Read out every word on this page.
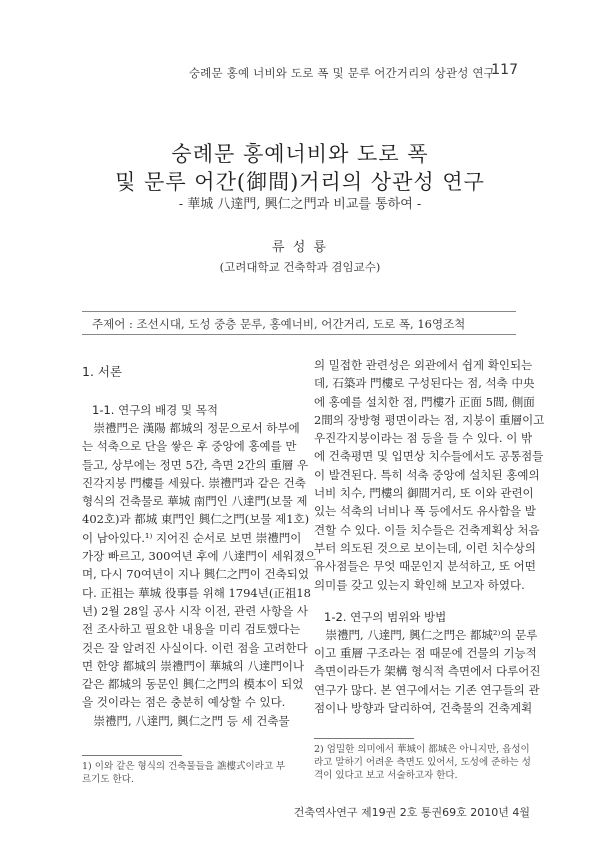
숭례문 홍예 너비와 도로 폭 및 문루 어간거리의 상관성 연구
117
숭례문 홍예너비와 도로 폭
및 문루 어간(御間)거리의 상관성 연구
- 華城 八達門, 興仁之門과 비교를 통하여 -
류 성 룡
(고려대학교 건축학과 겸임교수)
주제어 : 조선시대, 도성 중층 문루, 홍예너비, 어간거리, 도로 폭, 16영조척
1. 서론
1-1. 연구의 배경 및 목적

　崇禮門은 漢陽 都城의 정문으로서 하부에
는 석축으로 단을 쌓은 후 중앙에 홍예를 만
들고, 상부에는 정면 5간, 측면 2간의 重層 우
진각지붕 門樓를 세웠다. 崇禮門과 같은 건축
형식의 건축물로 華城 南門인 八達門(보물 제
402호)과 都城 東門인 興仁之門(보물 제1호)
이 남아있다.¹⁾ 지어진 순서로 보면 崇禮門이
가장 빠르고, 300여년 후에 八達門이 세워졌으
며, 다시 70여년이 지나 興仁之門이 건축되었
다. 正祖는 華城 役事를 위해 1794년(正祖18
년) 2월 28일 공사 시작 이전, 관련 사항을 사
전 조사하고 필요한 내용을 미리 검토했다는
것은 잘 알려진 사실이다. 이런 점을 고려한다
면 한양 都城의 崇禮門이 華城의 八達門이나
같은 都城의 동문인 興仁之門의 模本이 되었
을 것이라는 점은 충분히 예상할 수 있다.
　崇禮門, 八達門, 興仁之門 등 세 건축물

의 밀접한 관련성은 외관에서 쉽게 확인되는
데, 石築과 門樓로 구성된다는 점, 석축 中央
에 홍예를 설치한 점, 門樓가 正面 5間, 側面
2間의 장방형 평면이라는 점, 지붕이 重層이고
우진각지붕이라는 점 등을 들 수 있다. 이 밖
에 건축평면 및 입면상 치수들에서도 공통점들
이 발견된다. 특히 석축 중앙에 설치된 홍예의
너비 치수, 門樓의 御間거리, 또 이와 관련이
있는 석축의 너비나 폭 등에서도 유사함을 발
견할 수 있다. 이들 치수들은 건축계획상 처음
부터 의도된 것으로 보이는데, 이런 치수상의
유사점들은 무엇 때문인지 분석하고, 또 어떤
의미를 갖고 있는지 확인해 보고자 하였다.

1-2. 연구의 범위와 방법

　崇禮門, 八達門, 興仁之門은 都城²⁾의 문루
이고 重層 구조라는 점 때문에 건물의 기능적
측면이라든가 架構 형식적 측면에서 다루어진
연구가 많다. 본 연구에서는 기존 연구들의 관
점이나 방향과 달리하여, 건축물의 건축계획

1) 이와 같은 형식의 건축물들을 譙樓式이라고 부르기도 한다.
2) 엄밀한 의미에서 華城이 都城은 아니지만, 읍성이라고 말하기 어려운 측면도 있어서, 도성에 준하는 성격이 있다고 보고 서술하고자 한다.
건축역사연구 제19권 2호 통권69호 2010년 4월
